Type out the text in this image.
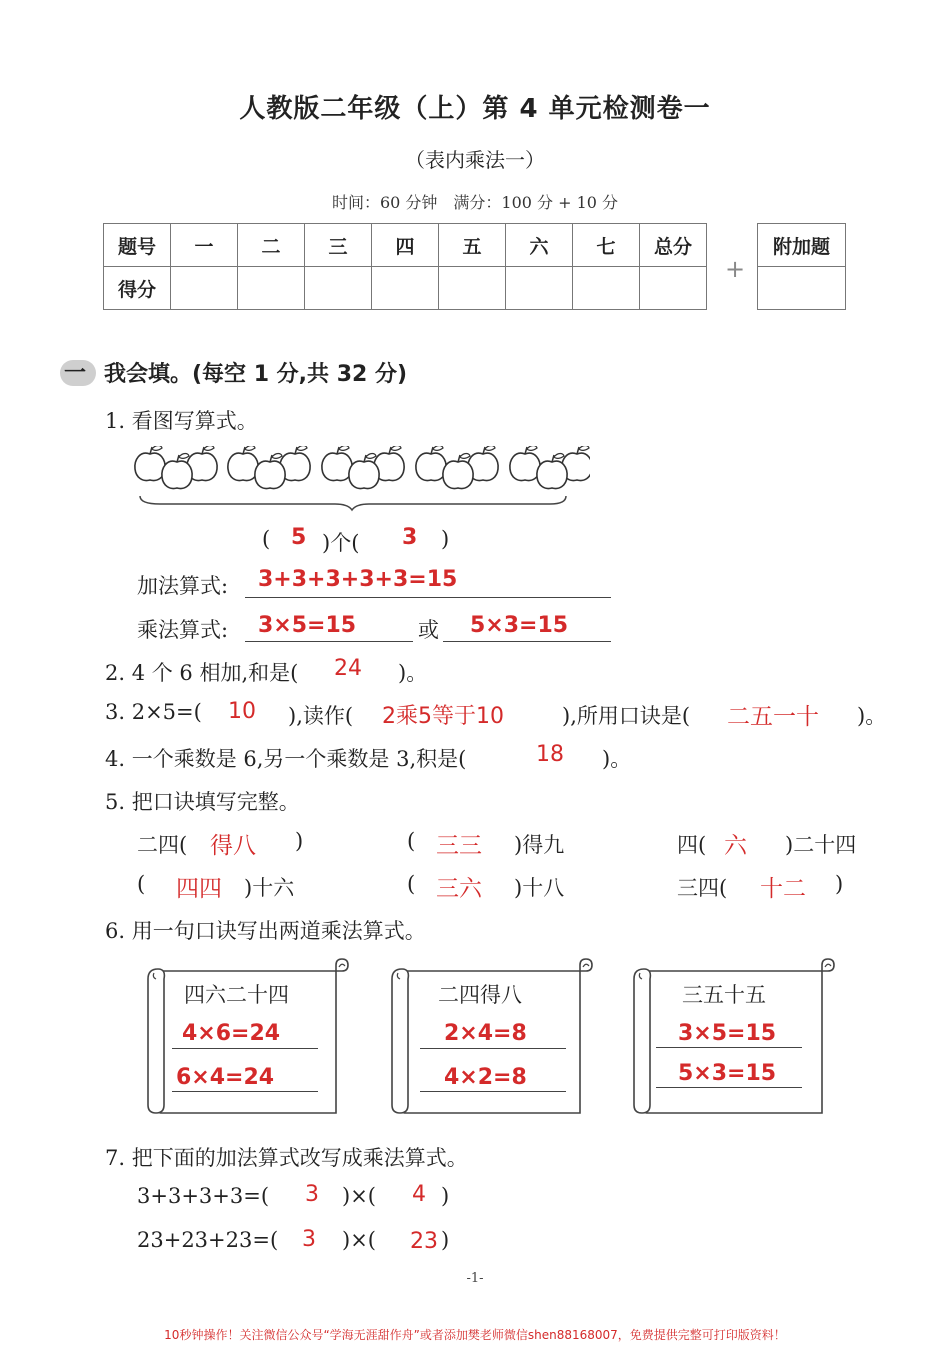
人教版二年级（上）第 4 单元检测卷一
（表内乘法一）
时间：60 分钟　满分：100 分 + 10 分
题号	一	二	三	四	五	六	七	总分
得分								
+
附加题

一 我会填。(每空 1 分,共 32 分)
1. 看图写算式。
( 5 )个( 3 )
加法算式: 3+3+3+3+3=15
乘法算式: 3×5=15	或 5×3=15
2. 4 个 6 相加,和是( 24 )。
3. 2×5=( 10 ),读作( 2乘5等于10	),所用口诀是( 二五一十 )。
4. 一个乘数是 6,另一个乘数是 3,积是(	18 )。
5. 把口诀填写完整。
二四( 得八 )	( 三三 )得九	四( 六 )二十四
( 四四 )十六	( 三六 )十八	三四( 十二 )
6. 用一句口诀写出两道乘法算式。
四六二十四
4×6=24
6×4=24
二四得八
2×4=8
4×2=8
三五十五
3×5=15
5×3=15
7. 把下面的加法算式改写成乘法算式。
3+3+3+3=( 3 )×( 4 )
23+23+23=( 3 )×( 23 )
-1-
10秒钟操作！关注微信公众号“学海无涯甜作舟”或者添加樊老师微信shen88168007，免费提供完整可打印版资料！
